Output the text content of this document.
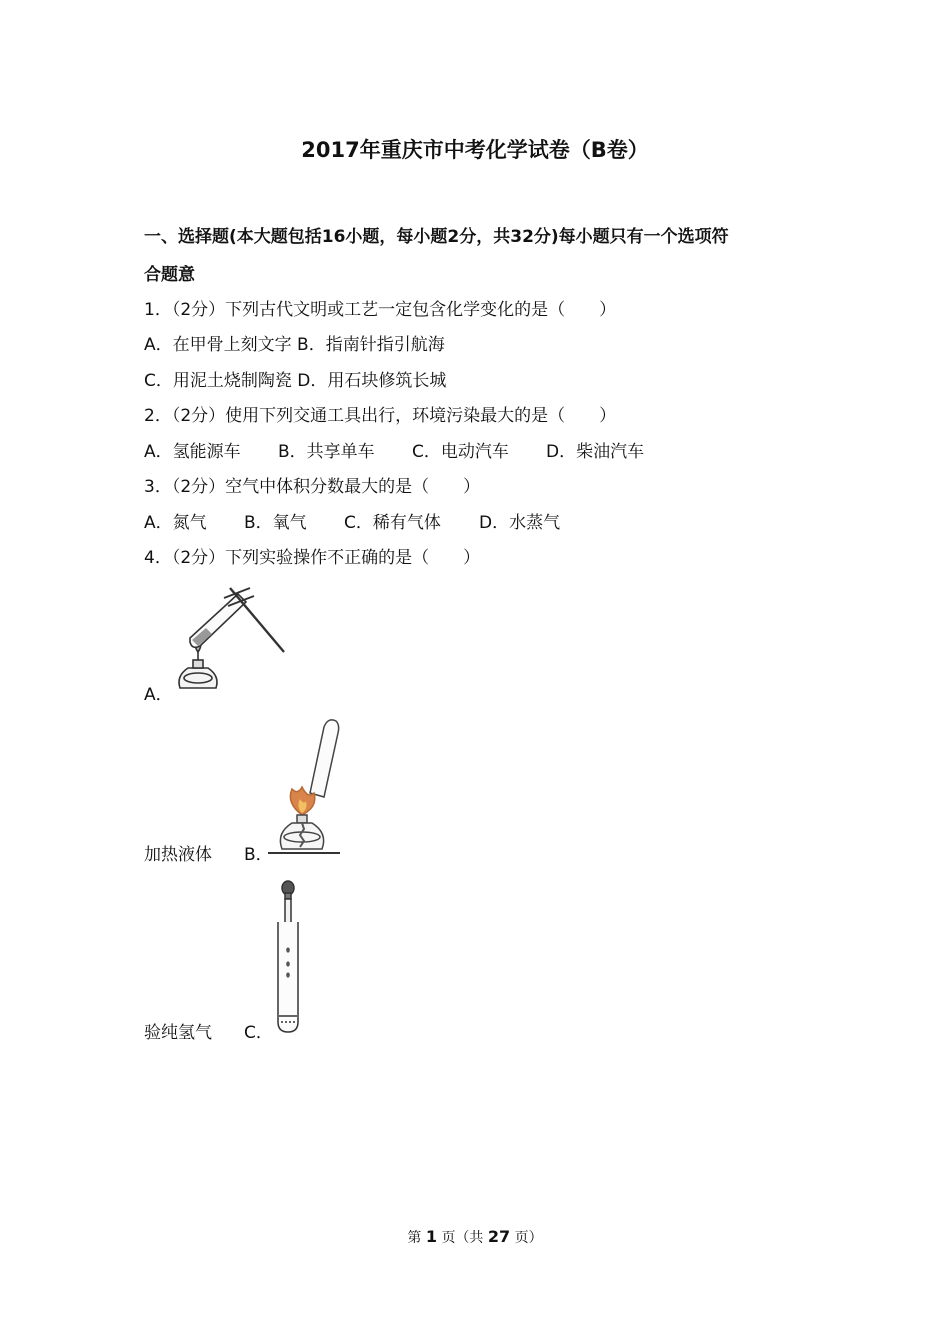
2017年重庆市中考化学试卷（B卷）
一、选择题(本大题包括16小题，每小题2分，共32分)每小题只有一个选项符
合题意
1．（2分）下列古代文明或工艺一定包含化学变化的是（　　）
A．在甲骨上刻文字 B．指南针指引航海
C．用泥土烧制陶瓷 D．用石块修筑长城
2．（2分）使用下列交通工具出行，环境污染最大的是（　　）
A．氢能源车 B．共享单车 C．电动汽车 D．柴油汽车
3．（2分）空气中体积分数最大的是（　　）
A．氮气 B．氧气 C．稀有气体 D．水蒸气
4．（2分）下列实验操作不正确的是（　　）
A．
加热液体 B．
验纯氢气 C．
第 1 页（共 27 页）
